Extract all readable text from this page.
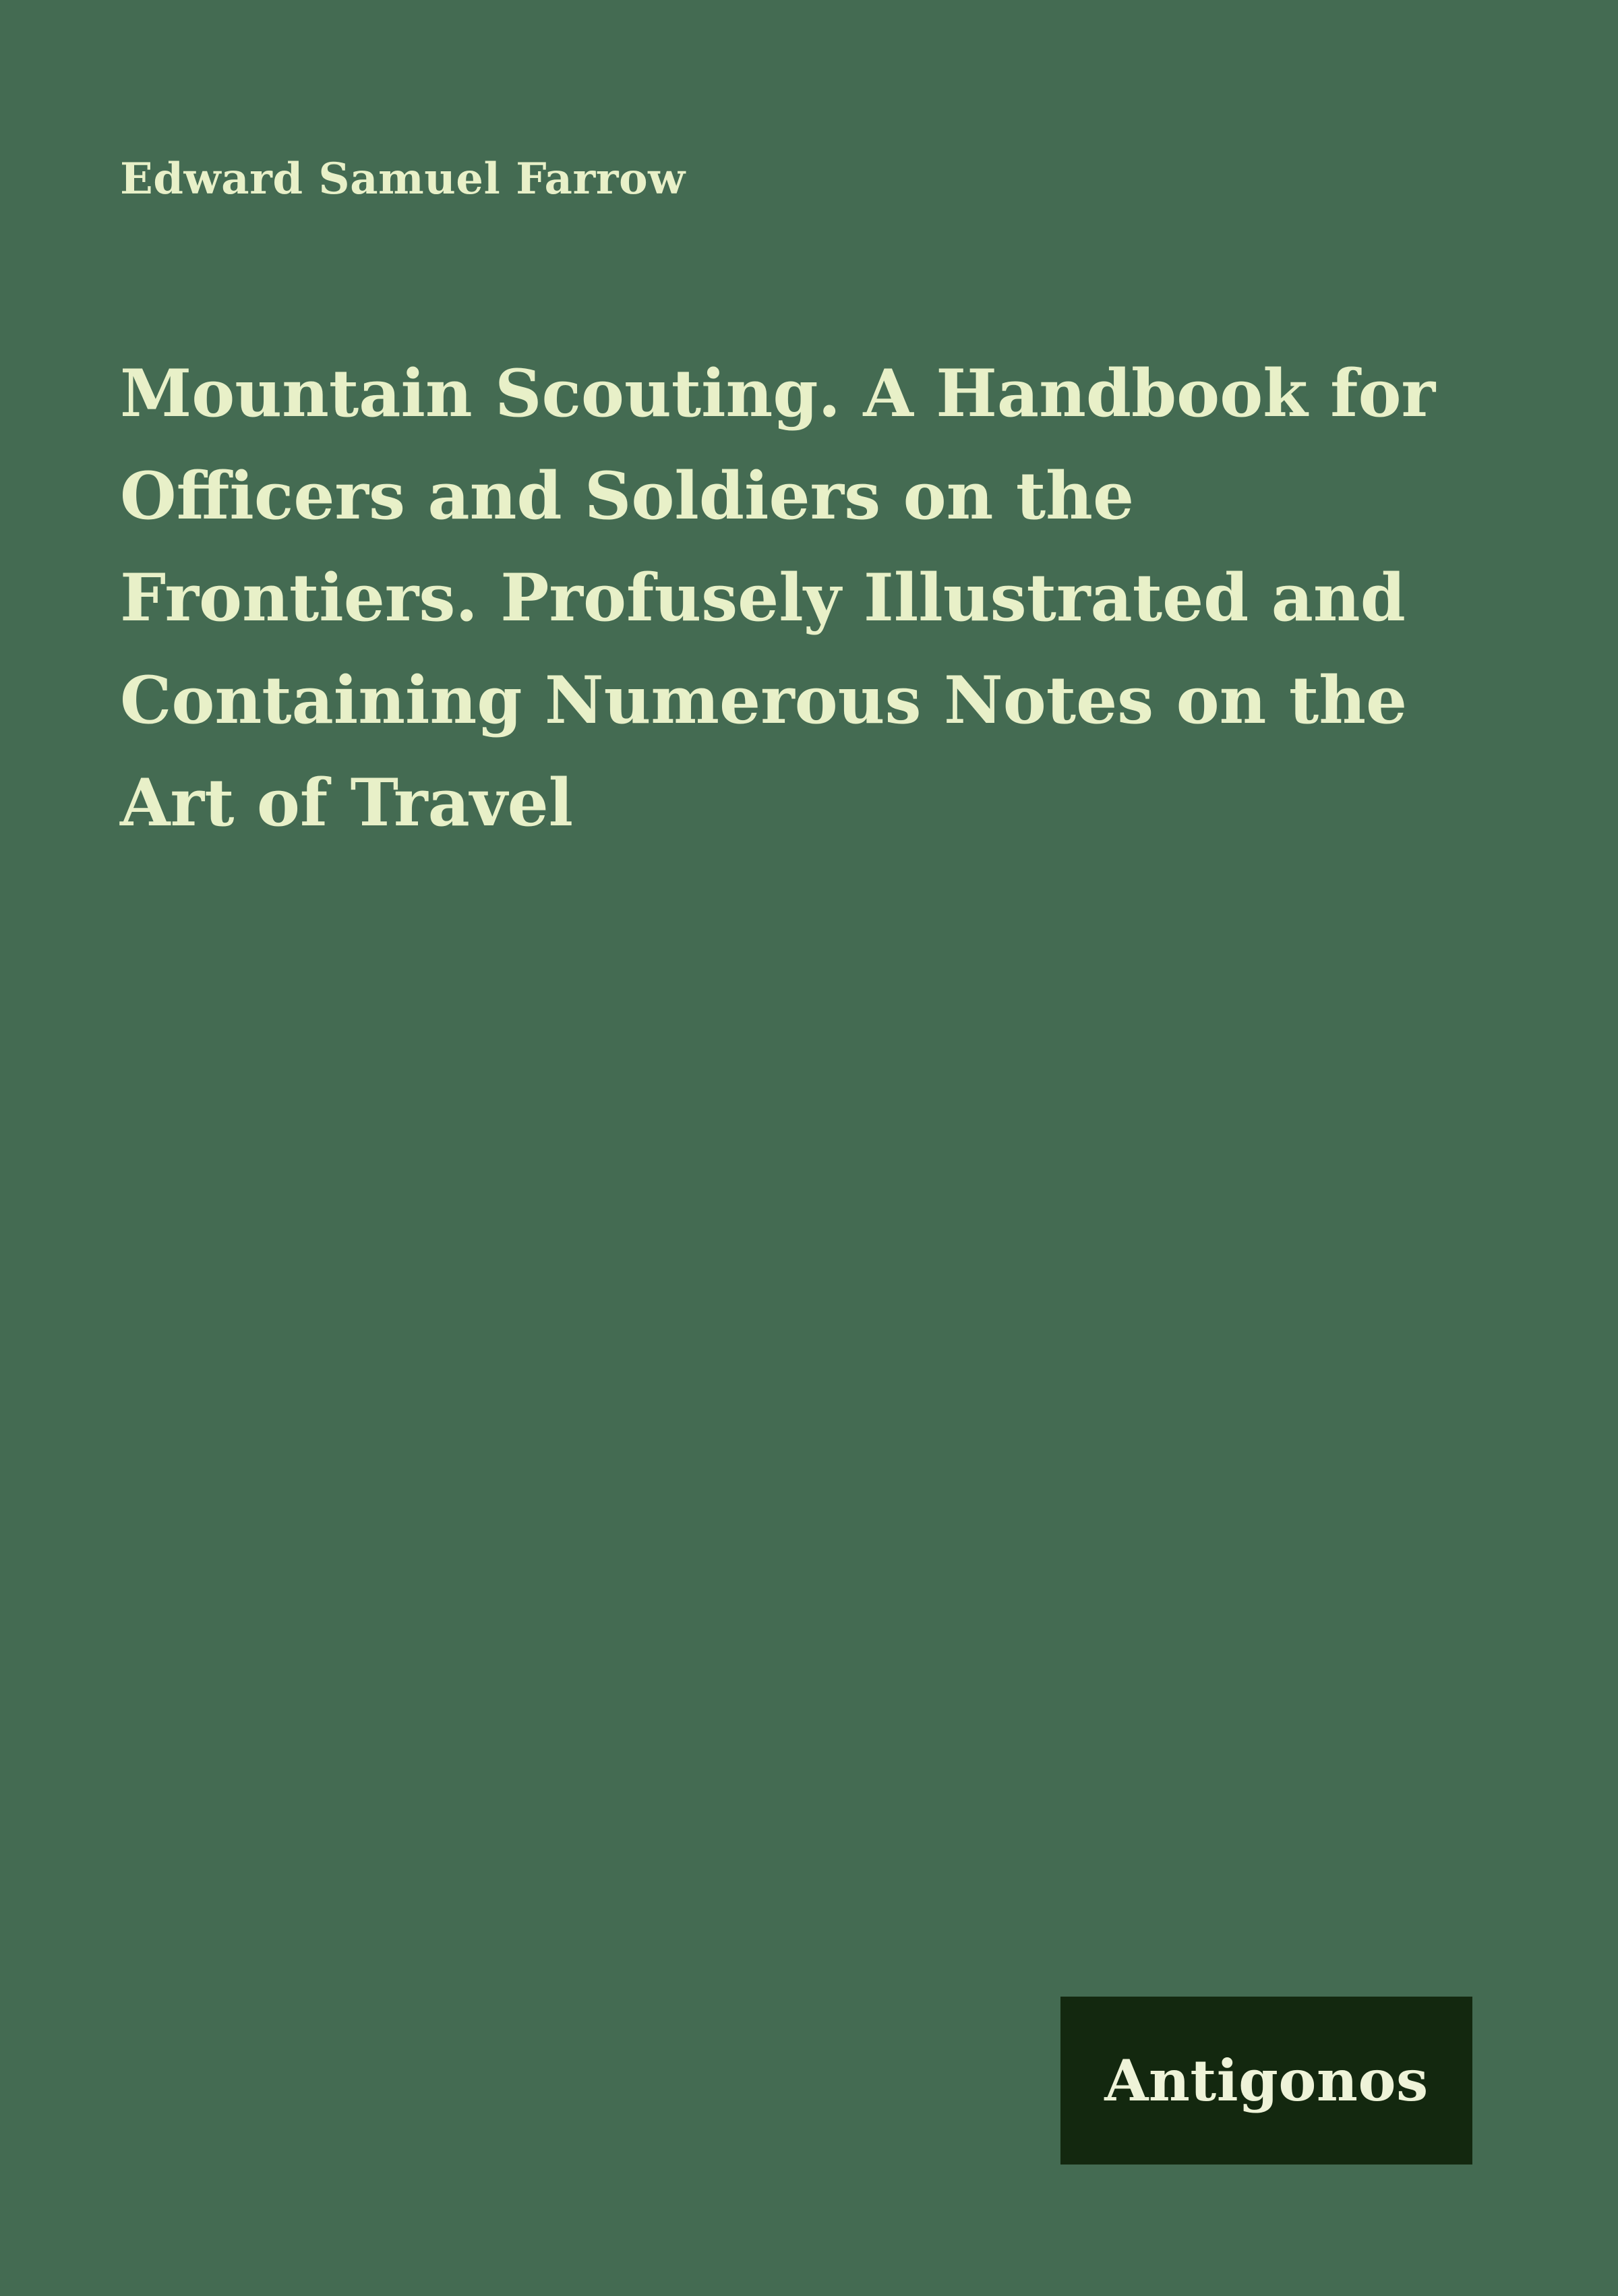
Edward Samuel Farrow
Mountain Scouting. A Handbook for Officers and Soldiers on the Frontiers. Profusely Illustrated and Containing Numerous Notes on the Art of Travel
Antigonos
